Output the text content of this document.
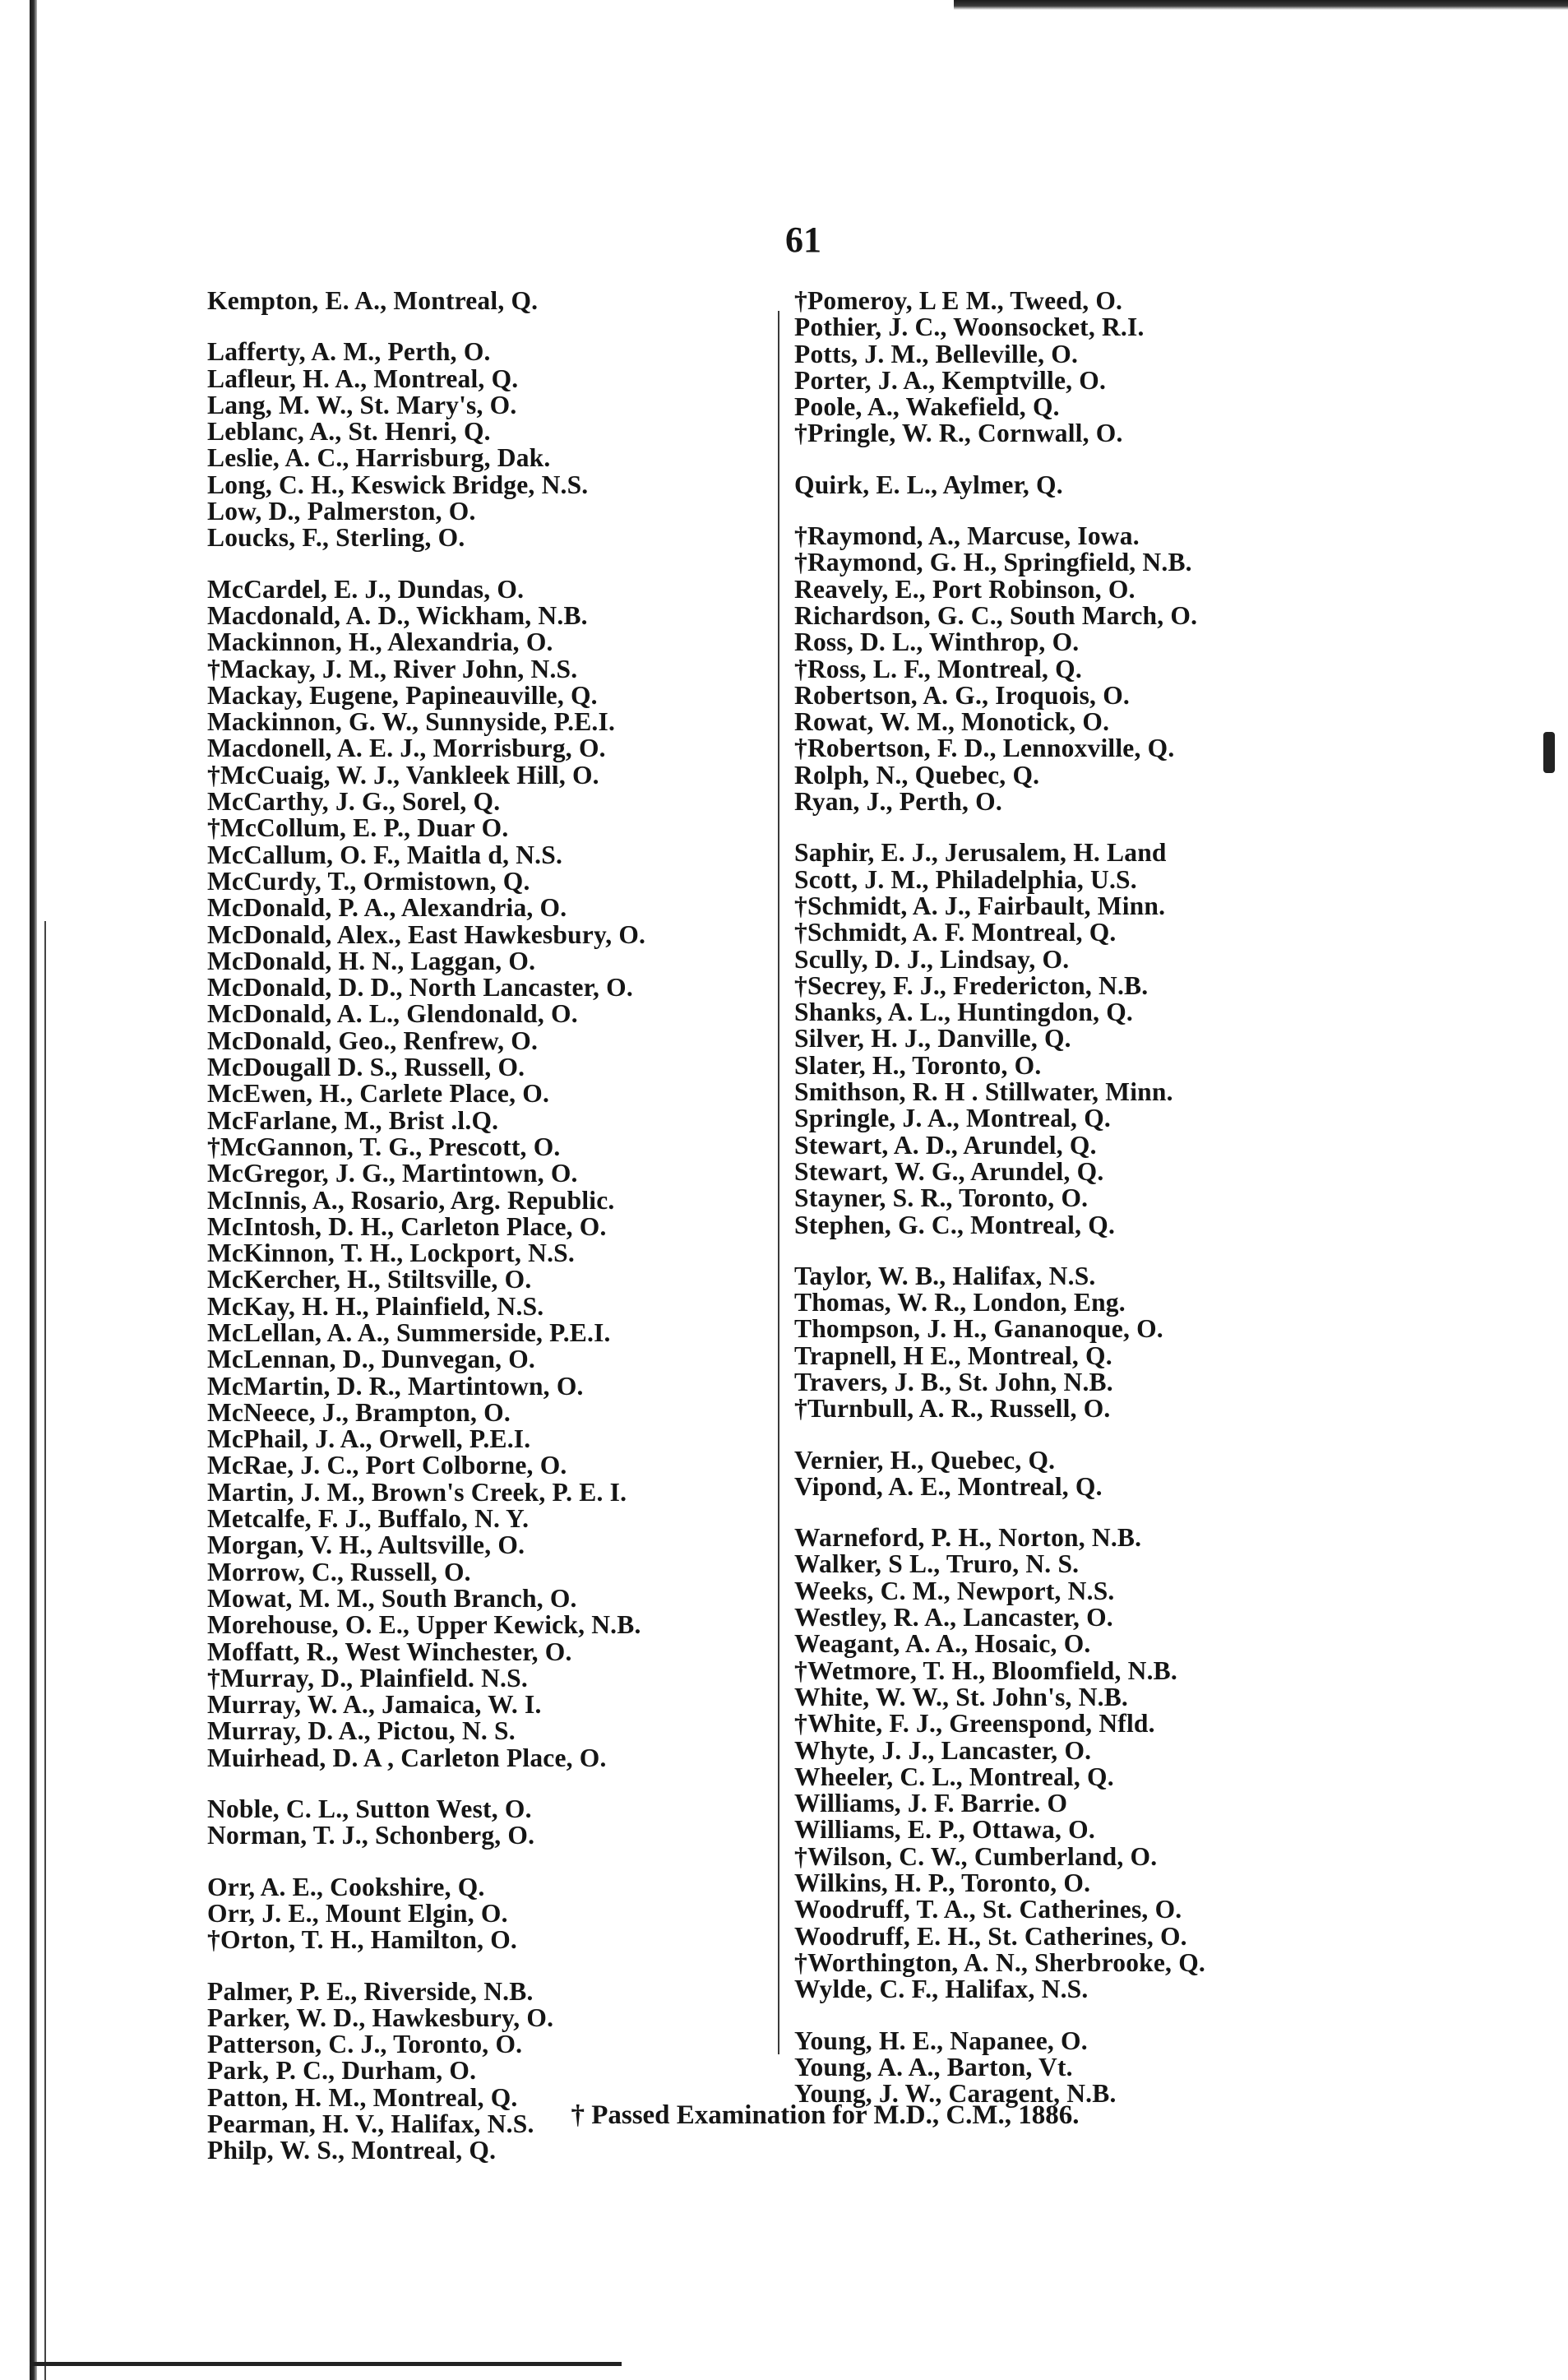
61
Kempton, E. A., Montreal, Q.
Lafferty, A. M., Perth, O.
Lafleur, H. A., Montreal, Q.
Lang, M. W., St. Mary's, O.
Leblanc, A., St. Henri, Q.
Leslie, A. C., Harrisburg, Dak.
Long, C. H., Keswick Bridge, N.S.
Low, D., Palmerston, O.
Loucks, F., Sterling, O.
McCardel, E. J., Dundas, O.
Macdonald, A. D., Wickham, N.B.
Mackinnon, H., Alexandria, O.
†Mackay, J. M., River John, N.S.
Mackay, Eugene, Papineauville, Q.
Mackinnon, G. W., Sunnyside, P.E.I.
Macdonell, A. E. J., Morrisburg, O.
†McCuaig, W. J., Vankleek Hill, O.
McCarthy, J. G., Sorel, Q.
†McCollum, E. P., Duar O.
McCallum, O. F., Maitla d, N.S.
McCurdy, T., Ormistown, Q.
McDonald, P. A., Alexandria, O.
McDonald, Alex., East Hawkesbury, O.
McDonald, H. N., Laggan, O.
McDonald, D. D., North Lancaster, O.
McDonald, A. L., Glendonald, O.
McDonald, Geo., Renfrew, O.
McDougall D. S., Russell, O.
McEwen, H., Carlete Place, O.
McFarlane, M., Brist .l.Q.
†McGannon, T. G., Prescott, O.
McGregor, J. G., Martintown, O.
McInnis, A., Rosario, Arg. Republic.
McIntosh, D. H., Carleton Place, O.
McKinnon, T. H., Lockport, N.S.
McKercher, H., Stiltsville, O.
McKay, H. H., Plainfield, N.S.
McLellan, A. A., Summerside, P.E.I.
McLennan, D., Dunvegan, O.
McMartin, D. R., Martintown, O.
McNeece, J., Brampton, O.
McPhail, J. A., Orwell, P.E.I.
McRae, J. C., Port Colborne, O.
Martin, J. M., Brown's Creek, P. E. I.
Metcalfe, F. J., Buffalo, N. Y.
Morgan, V. H., Aultsville, O.
Morrow, C., Russell, O.
Mowat, M. M., South Branch, O.
Morehouse, O. E., Upper Kewick, N.B.
Moffatt, R., West Winchester, O.
†Murray, D., Plainfield. N.S.
Murray, W. A., Jamaica, W. I.
Murray, D. A., Pictou, N. S.
Muirhead, D. A , Carleton Place, O.
Noble, C. L., Sutton West, O.
Norman, T. J., Schonberg, O.
Orr, A. E., Cookshire, Q.
Orr, J. E., Mount Elgin, O.
†Orton, T. H., Hamilton, O.
Palmer, P. E., Riverside, N.B.
Parker, W. D., Hawkesbury, O.
Patterson, C. J., Toronto, O.
Park, P. C., Durham, O.
Patton, H. M., Montreal, Q.
Pearman, H. V., Halifax, N.S.
Philp, W. S., Montreal, Q.
†Pomeroy, L E M., Tweed, O.
Pothier, J. C., Woonsocket, R.I.
Potts, J. M., Belleville, O.
Porter, J. A., Kemptville, O.
Poole, A., Wakefield, Q.
†Pringle, W. R., Cornwall, O.
Quirk, E. L., Aylmer, Q.
†Raymond, A., Marcuse, Iowa.
†Raymond, G. H., Springfield, N.B.
Reavely, E., Port Robinson, O.
Richardson, G. C., South March, O.
Ross, D. L., Winthrop, O.
†Ross, L. F., Montreal, Q.
Robertson, A. G., Iroquois, O.
Rowat, W. M., Monotick, O.
†Robertson, F. D., Lennoxville, Q.
Rolph, N., Quebec, Q.
Ryan, J., Perth, O.
Saphir, E. J., Jerusalem, H. Land
Scott, J. M., Philadelphia, U.S.
†Schmidt, A. J., Fairbault, Minn.
†Schmidt, A. F. Montreal, Q.
Scully, D. J., Lindsay, O.
†Secrey, F. J., Fredericton, N.B.
Shanks, A. L., Huntingdon, Q.
Silver, H. J., Danville, Q.
Slater, H., Toronto, O.
Smithson, R. H . Stillwater, Minn.
Springle, J. A., Montreal, Q.
Stewart, A. D., Arundel, Q.
Stewart, W. G., Arundel, Q.
Stayner, S. R., Toronto, O.
Stephen, G. C., Montreal, Q.
Taylor, W. B., Halifax, N.S.
Thomas, W. R., London, Eng.
Thompson, J. H., Gananoque, O.
Trapnell, H E., Montreal, Q.
Travers, J. B., St. John, N.B.
†Turnbull, A. R., Russell, O.
Vernier, H., Quebec, Q.
Vipond, A. E., Montreal, Q.
Warneford, P. H., Norton, N.B.
Walker, S L., Truro, N. S.
Weeks, C. M., Newport, N.S.
Westley, R. A., Lancaster, O.
Weagant, A. A., Hosaic, O.
†Wetmore, T. H., Bloomfield, N.B.
White, W. W., St. John's, N.B.
†White, F. J., Greenspond, Nfld.
Whyte, J. J., Lancaster, O.
Wheeler, C. L., Montreal, Q.
Williams, J. F. Barrie. O
Williams, E. P., Ottawa, O.
†Wilson, C. W., Cumberland, O.
Wilkins, H. P., Toronto, O.
Woodruff, T. A., St. Catherines, O.
Woodruff, E. H., St. Catherines, O.
†Worthington, A. N., Sherbrooke, Q.
Wylde, C. F., Halifax, N.S.
Young, H. E., Napanee, O.
Young, A. A., Barton, Vt.
Young, J. W., Caragent, N.B.
† Passed Examination for M.D., C.M., 1886.
